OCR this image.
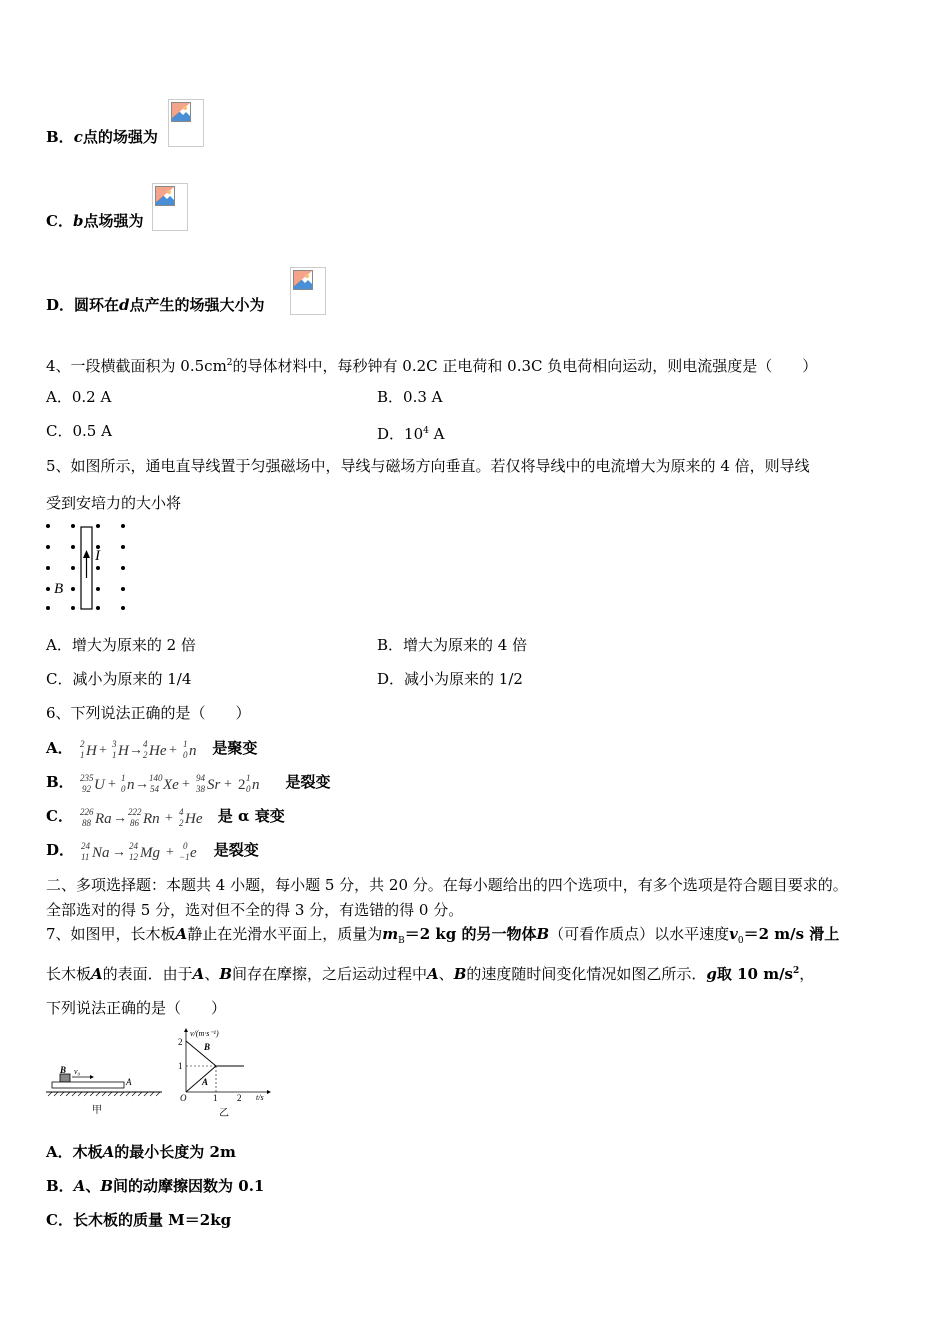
B．c点的场强为
C．b点场强为
D．圆环在d点产生的场强大小为
4、一段横截面积为 $0.5cm^2$的导体材料中，每秒钟有 0.2C 正电荷和 0.3C 负电荷相向运动，则电流强度是（　　）
A．0.2 A	B．0.3 A
C．0.5 A	D．$10^4$ A
5、如图所示，通电直导线置于匀强磁场中，导线与磁场方向垂直。若仅将导线中的电流增大为原来的 4 倍，则导线
受到安培力的大小将
I
B
A．增大为原来的 2 倍	B．增大为原来的 4 倍
C．减小为原来的 1/4	D．减小为原来的 1/2
6、下列说法正确的是（　　）
A． 2
1 H + 3
1 H → 4
2 He + 1
0 n 是聚变
B． 235
92 U + 1
0 n → 140
54 Xe + 94
38 Sr + 2 1
0 n 是裂变
C． 226
88 Ra → 222
86 Rn + 4
2 He 是 α 衰变
D． 24
11 Na → 24
12 Mg + 0
−1 e 是裂变
二、多项选择题：本题共 4 小题，每小题 5 分，共 20 分。在每小题给出的四个选项中，有多个选项是符合题目要求的。
全部选对的得 5 分，选对但不全的得 3 分，有选错的得 0 分。
7、如图甲，长木板A静止在光滑水平面上，质量为$m_B=2$ kg 的另一物体B（可看作质点）以水平速度$v_0=2$ m/s 滑上
长木板A的表面．由于A、B间存在摩擦，之后运动过程中A、B的速度随时间变化情况如图乙所示．g取 10 $m/s^2$，
下列说法正确的是（　　）
B v₀
A
甲
v/(m·s⁻¹)
t/s
2
1
O	1 2
B
A
乙
A．木板A的最小长度为 2m
B．A、B间的动摩擦因数为 0.1
C．长木板的质量 M＝2kg
